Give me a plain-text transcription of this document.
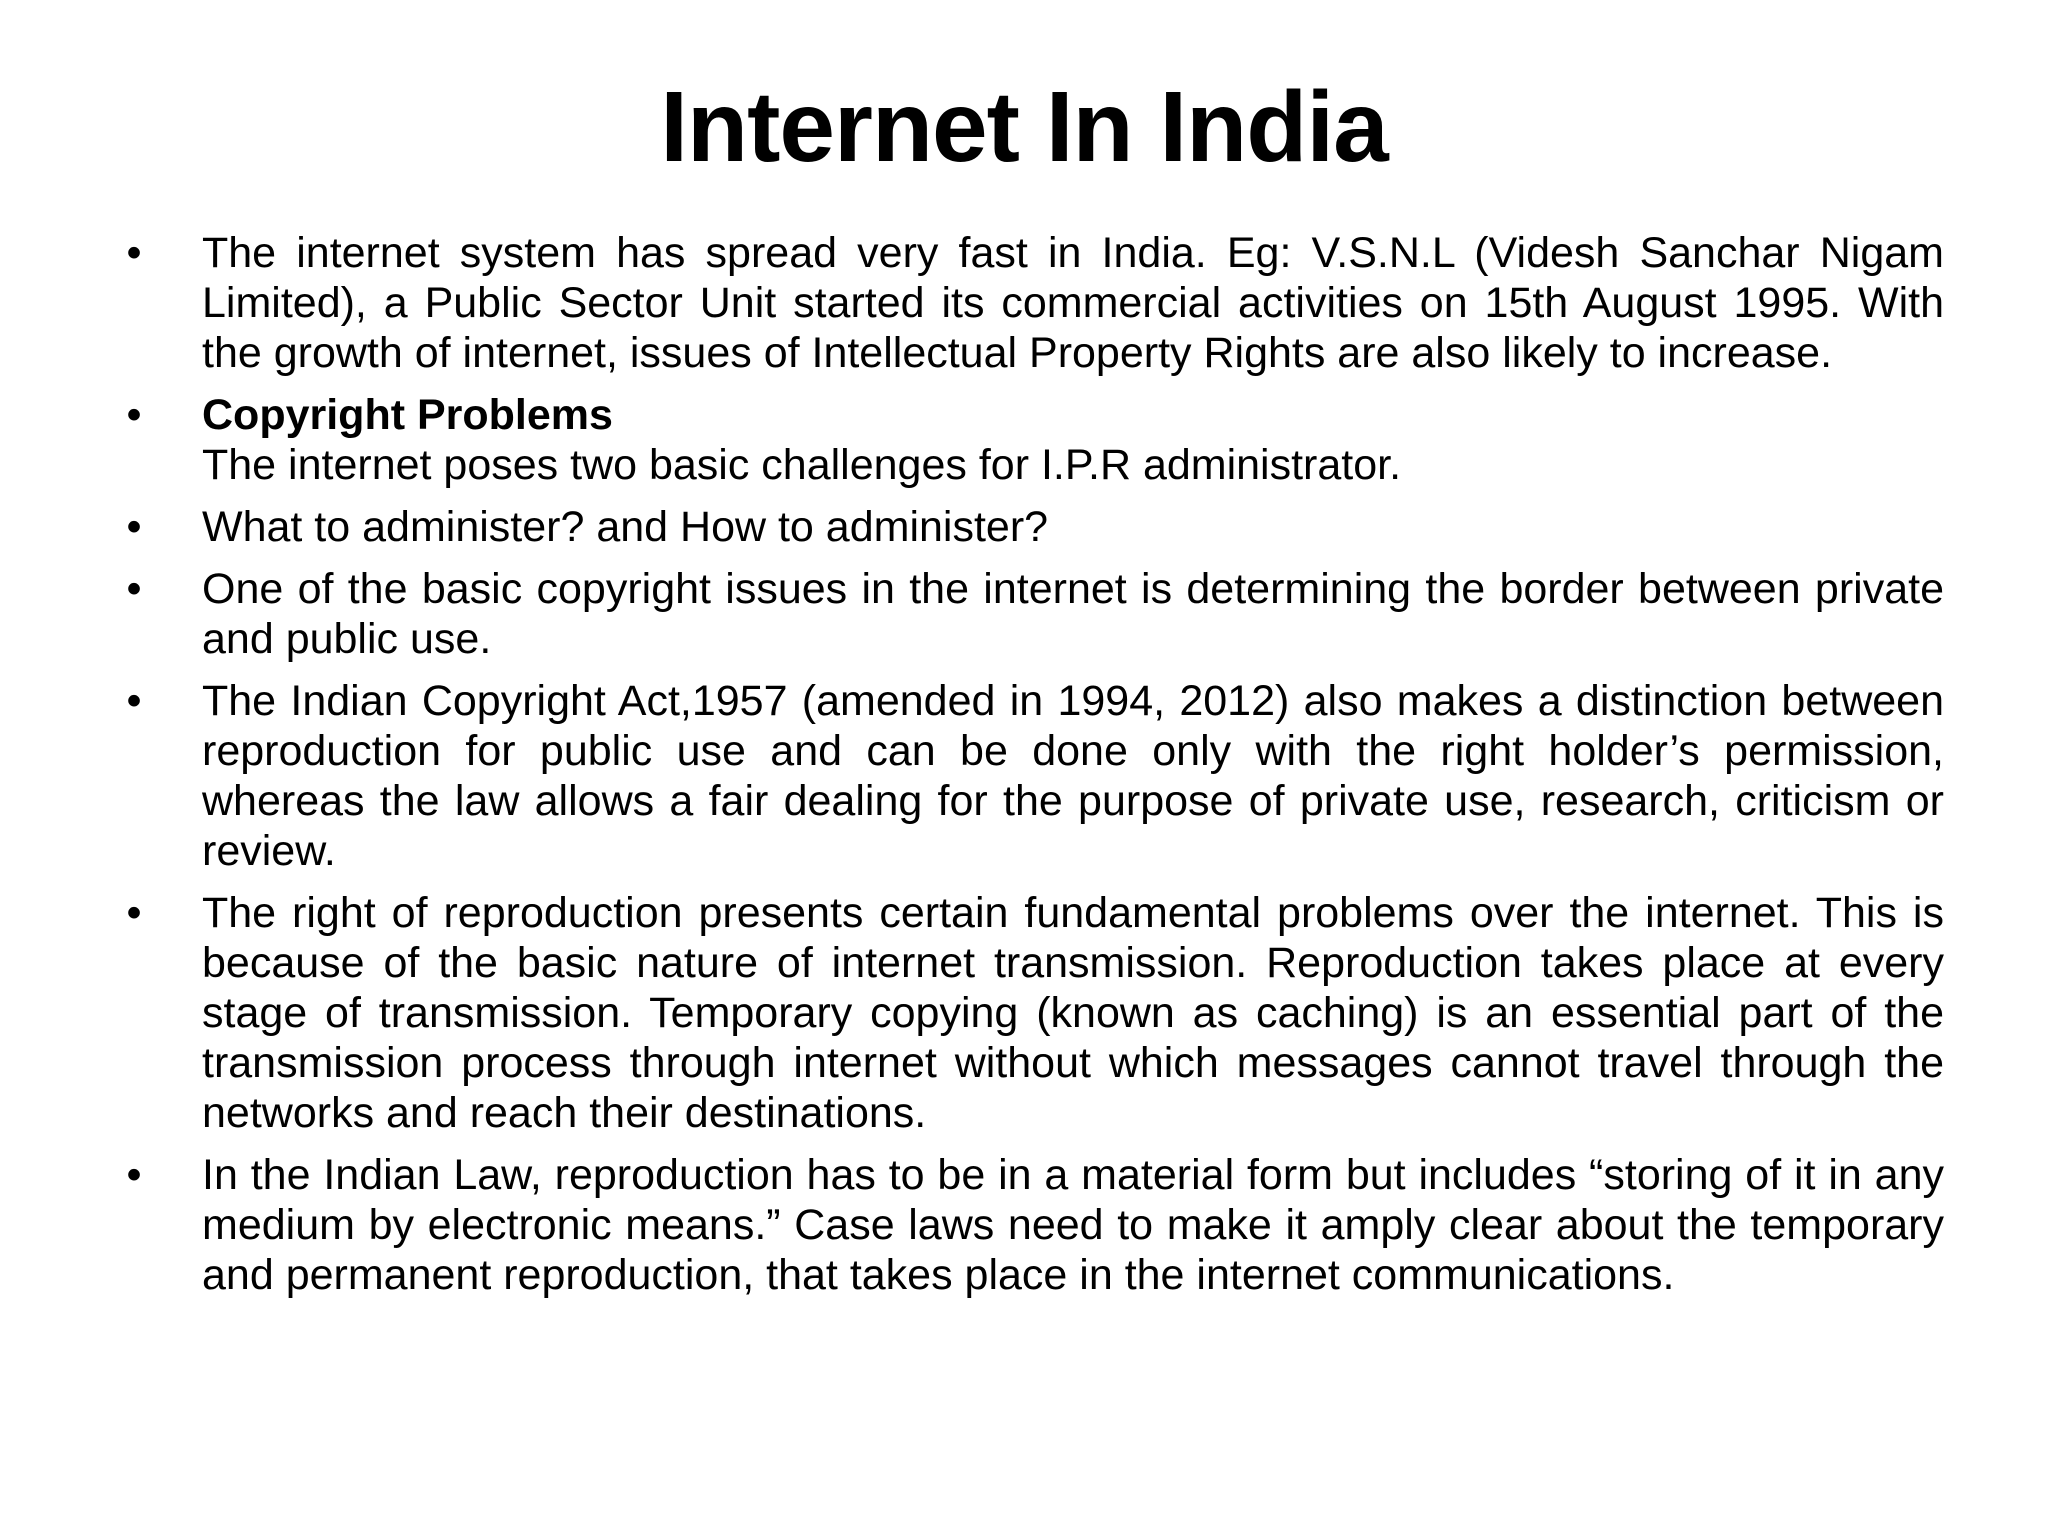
Internet In India
• The internet system has spread very fast in India. Eg: V.S.N.L (Videsh Sanchar Nigam Limited), a Public Sector Unit started its commercial activities on 15th August 1995. With the growth of internet, issues of Intellectual Property Rights are also likely to increase.
• Copyright Problems
The internet poses two basic challenges for I.P.R administrator.
• What to administer? and How to administer?
• One of the basic copyright issues in the internet is determining the border between private and public use.
• The Indian Copyright Act,1957 (amended in 1994, 2012) also makes a distinction between reproduction for public use and can be done only with the right holder’s permission, whereas the law allows a fair dealing for the purpose of private use, research, criticism or review.
• The right of reproduction presents certain fundamental problems over the internet. This is because of the basic nature of internet transmission. Reproduction takes place at every stage of transmission. Temporary copying (known as caching) is an essential part of the transmission process through internet without which messages cannot travel through the networks and reach their destinations.
• In the Indian Law, reproduction has to be in a material form but includes “storing of it in any medium by electronic means.” Case laws need to make it amply clear about the temporary and permanent reproduction, that takes place in the internet communications.
